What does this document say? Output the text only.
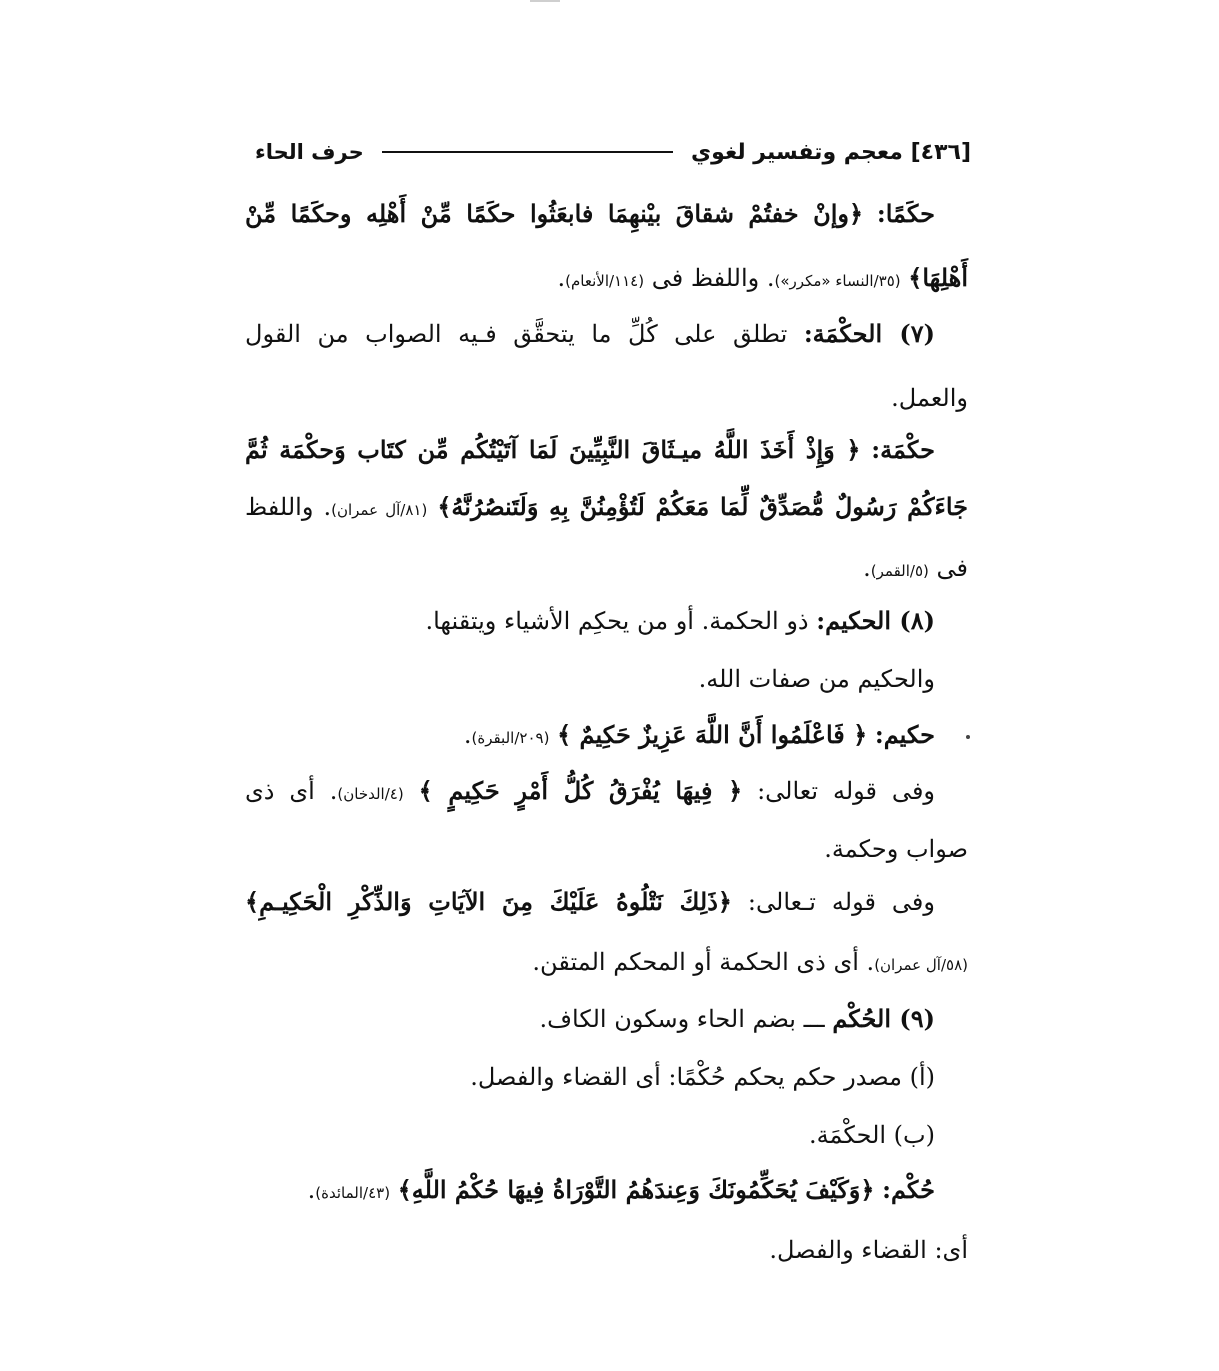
[٤٣٦] معجم وتفسير لغوي
حرف الحاء
حكَمًا: ﴿وإنْ خفتُمْ شقاقَ بيْنهِمَا فابعَثُوا حكَمًا مِّنْ أَهْلِه وحكَمًا مِّنْ
أَهْلِهَا﴾ (٣٥/النساء «مكرر»). واللفظ فى (١١٤/الأنعام).
(٧) الحكْمَة: تطلق على كُلِّ ما يتحقَّق فـيه الصواب من القول
والعمل.
حكْمَة: ﴿ وَإِذْ أَخَذَ اللَّهُ ميـثَاقَ النَّبِيِّينَ لَمَا آتَيْتُكُم مِّن كتَاب وَحكْمَة ثُمَّ
جَاءَكُمْ رَسُولٌ مُّصَدِّقٌ لِّمَا مَعَكُمْ لَتُؤْمِنُنَّ بِهِ وَلَتَنصُرُنَّهُ﴾ (٨١/آل عمران). واللفظ
فى (٥/القمر).
(٨) الحكيم: ذو الحكمة. أو من يحكِم الأشياء ويتقنها.
والحكيم من صفات الله.
حكيم: ﴿ فَاعْلَمُوا أَنَّ اللَّهَ عَزِيزٌ حَكِيمٌ ﴾ (٢٠٩/البقرة).
وفى قوله تعالى: ﴿ فِيهَا يُفْرَقُ كُلُّ أَمْرٍ حَكِيمٍ ﴾ (٤/الدخان). أى ذى
صواب وحكمة.
وفى قوله تـعالى: ﴿ذَلِكَ نَتْلُوهُ عَلَيْكَ مِنَ الآيَاتِ وَالذِّكْرِ الْحَكِيـمِ﴾
(٥٨/آل عمران). أى ذى الحكمة أو المحكم المتقن.
(٩) الحُكْم ـــ بضم الحاء وسكون الكاف.
(أ) مصدر حكم يحكم حُكْمًا: أى القضاء والفصل.
(ب) الحكْمَة.
حُكْم: ﴿وَكَيْفَ يُحَكِّمُونَكَ وَعِندَهُمُ التَّوْرَاةُ فِيهَا حُكْمُ اللَّهِ﴾ (٤٣/المائدة).
أى: القضاء والفصل.
